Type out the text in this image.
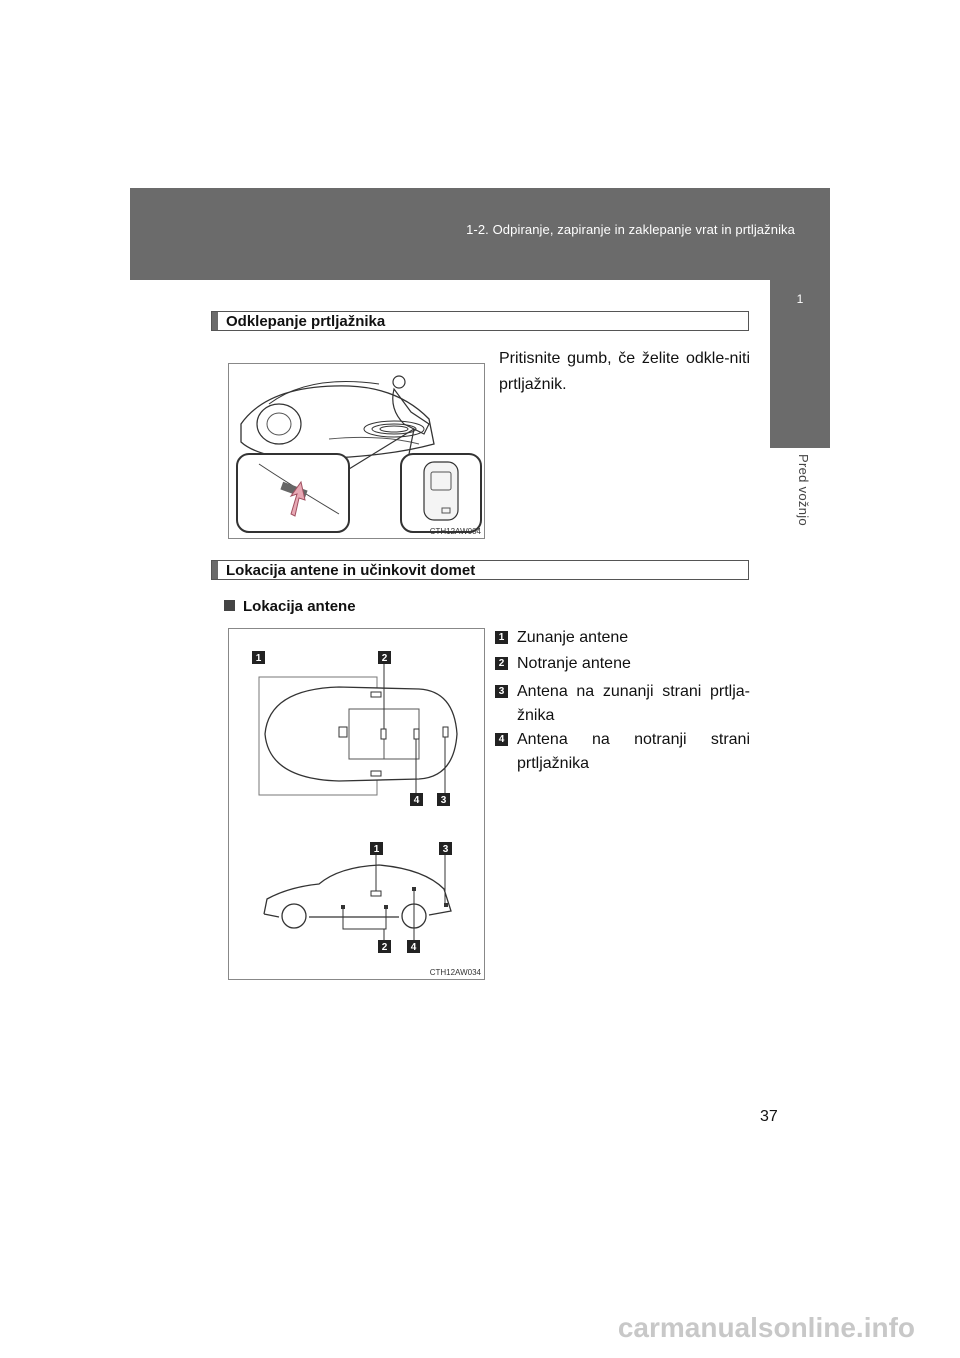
1-2. Odpiranje, zapiranje in zaklepanje vrat in prtljažnika
1
Pred vožnjo
Odklepanje prtljažnika
CTH12AW004
Pritisnite gumb, če želite odkle-niti prtljažnik.
Lokacija antene in učinkovit domet
Lokacija antene
1	2
4 3
1	3
2 4
CTH12AW034
1 Zunanje antene
2 Notranje antene
3 Antena na zunanji strani prtlja-žnika
4 Antena na notranji strani prtljažnika
37
carmanualsonline.info
